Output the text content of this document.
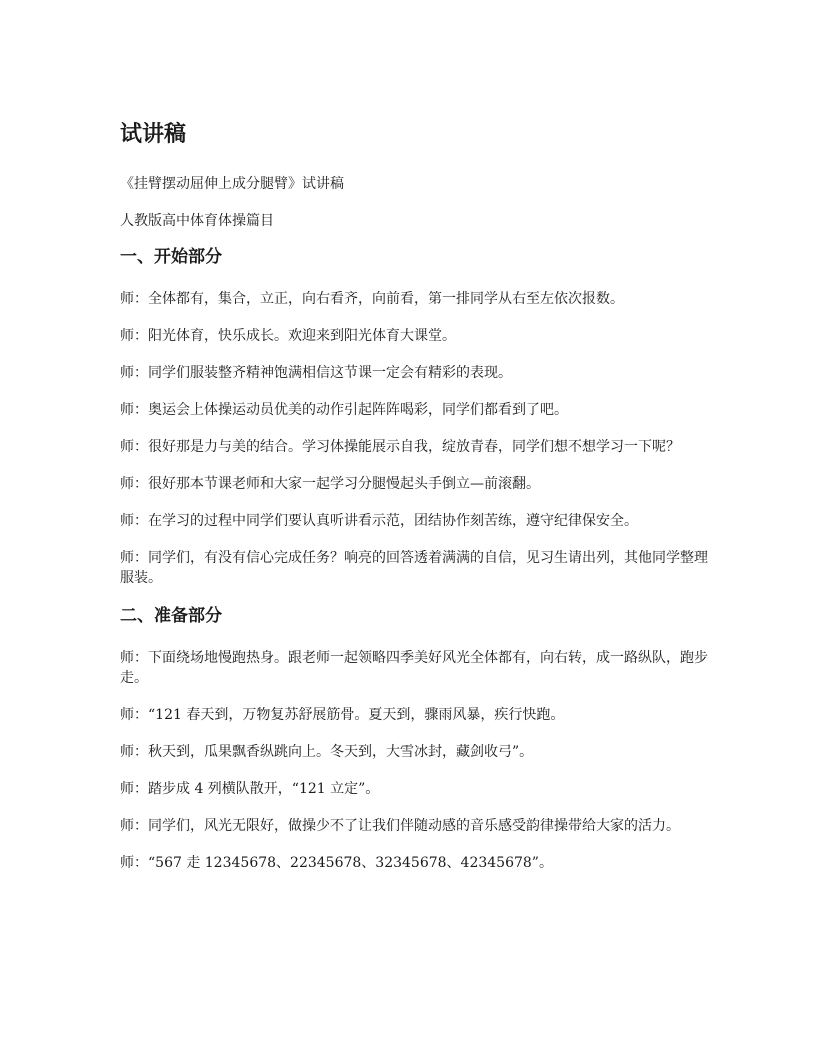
试讲稿

《挂臂摆动屈伸上成分腿臂》试讲稿

人教版高中体育体操篇目

一、开始部分

师：全体都有，集合，立正，向右看齐，向前看，第一排同学从右至左依次报数。

师：阳光体育，快乐成长。欢迎来到阳光体育大课堂。

师：同学们服装整齐精神饱满相信这节课一定会有精彩的表现。

师：奥运会上体操运动员优美的动作引起阵阵喝彩，同学们都看到了吧。

师：很好那是力与美的结合。学习体操能展示自我，绽放青春，同学们想不想学习一下呢？

师：很好那本节课老师和大家一起学习分腿慢起头手倒立—前滚翻。

师：在学习的过程中同学们要认真听讲看示范，团结协作刻苦练，遵守纪律保安全。

师：同学们，有没有信心完成任务？响亮的回答透着满满的自信，见习生请出列，其他同学整理服装。

二、准备部分

师：下面绕场地慢跑热身。跟老师一起领略四季美好风光全体都有，向右转，成一路纵队，跑步走。

师：“121 春天到，万物复苏舒展筋骨。夏天到，骤雨风暴，疾行快跑。

师：秋天到，瓜果飘香纵跳向上。冬天到，大雪冰封，藏剑收弓”。

师：踏步成 4 列横队散开，“121 立定”。

师：同学们，风光无限好，做操少不了让我们伴随动感的音乐感受韵律操带给大家的活力。

师：“567 走 12345678、22345678、32345678、42345678”。
